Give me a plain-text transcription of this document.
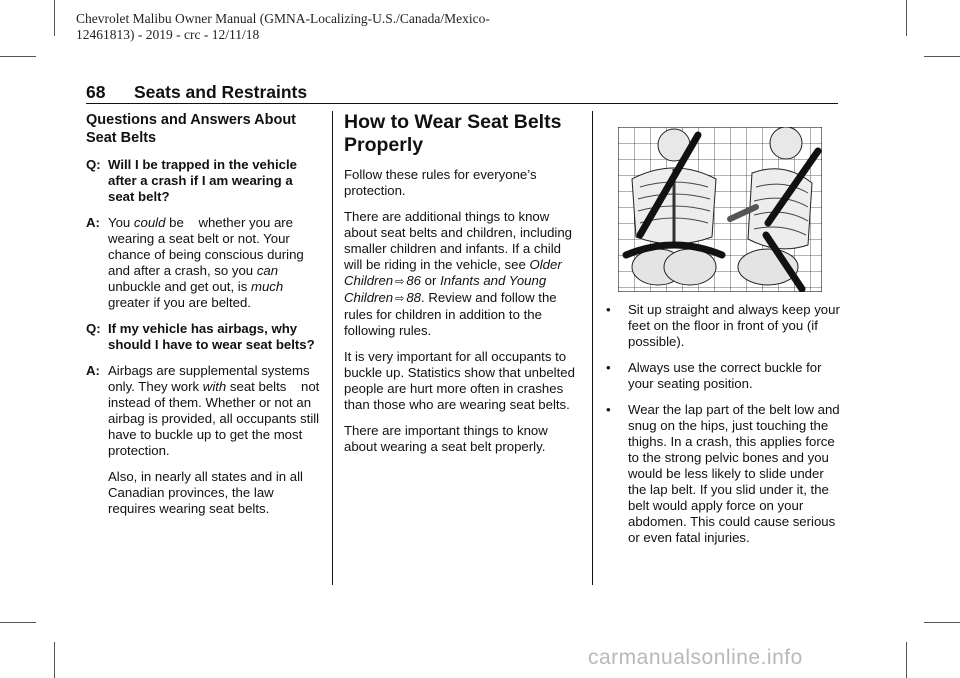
Chevrolet Malibu Owner Manual (GMNA-Localizing-U.S./Canada/Mexico-
12461813) - 2019 - crc - 12/11/18
68 Seats and Restraints
Questions and Answers About Seat Belts
Q: Will I be trapped in the vehicle after a crash if I am wearing a seat belt?
A: You could be    whether you are wearing a seat belt or not. Your chance of being conscious during and after a crash, so you can unbuckle and get out, is much greater if you are belted.
Q: If my vehicle has airbags, why should I have to wear seat belts?
A: Airbags are supplemental systems only. They work with seat belts    not instead of them. Whether or not an airbag is provided, all occupants still have to buckle up to get the most protection.

Also, in nearly all states and in all Canadian provinces, the law requires wearing seat belts.

How to Wear Seat Belts Properly

Follow these rules for everyone’s protection.

There are additional things to know about seat belts and children, including smaller children and infants. If a child will be riding in the vehicle, see Older Children ⇨ 86 or Infants and Young Children ⇨ 88. Review and follow the rules for children in addition to the following rules.

It is very important for all occupants to buckle up. Statistics show that unbelted people are hurt more often in crashes than those who are wearing seat belts.

There are important things to know about wearing a seat belt properly.

• Sit up straight and always keep your feet on the floor in front of you (if possible).
• Always use the correct buckle for your seating position.
• Wear the lap part of the belt low and snug on the hips, just touching the thighs. In a crash, this applies force to the strong pelvic bones and you would be less likely to slide under the lap belt. If you slid under it, the belt would apply force on your abdomen. This could cause serious or even fatal injuries.
carmanualsonline.info
